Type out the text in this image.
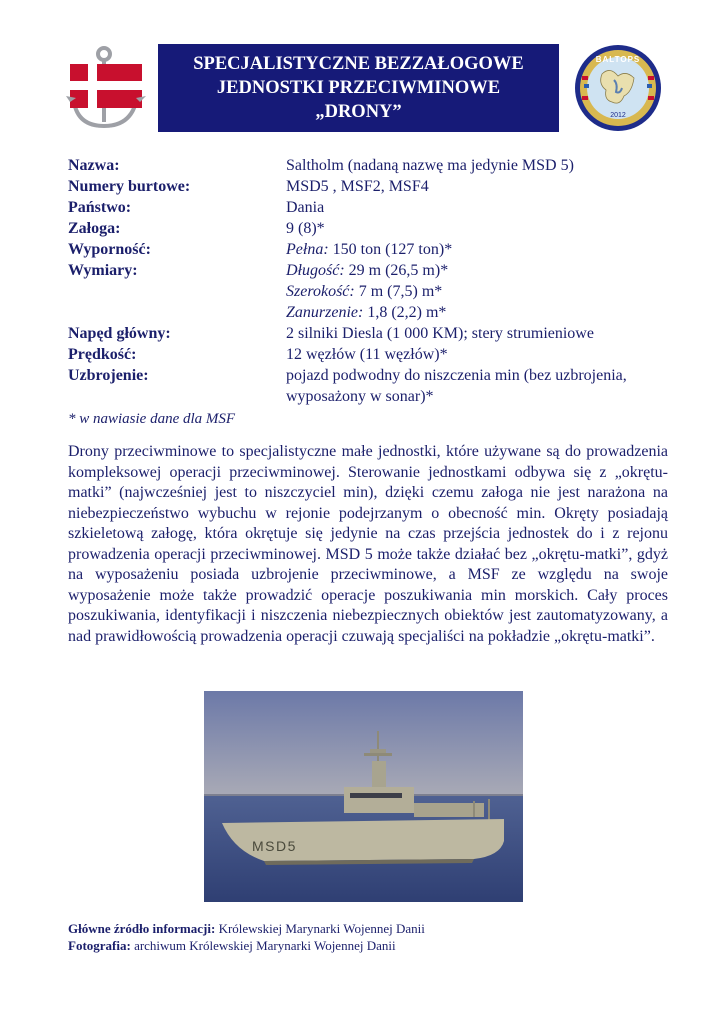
SPECJALISTYCZNE BEZZAŁOGOWE
JEDNOSTKI PRZECIWMINOWE
„DRONY”
BALTOPS
2012
Nazwa:	Saltholm (nadaną nazwę ma jedynie MSD 5)
Numery burtowe:	MSD5 , MSF2, MSF4
Państwo:	Dania
Załoga:	9 (8)*
Wyporność:	Pełna: 150 ton (127 ton)*
Wymiary:	Długość: 29 m (26,5 m)*
Szerokość: 7 m (7,5) m*
Zanurzenie: 1,8 (2,2) m*
Napęd główny:	2 silniki Diesla (1 000 KM); stery strumieniowe
Prędkość:	12 węzłów (11 węzłów)*
Uzbrojenie:	pojazd podwodny do niszczenia min (bez uzbrojenia,
wyposażony w sonar)*
* w nawiasie dane dla MSF
Drony przeciwminowe to specjalistyczne małe jednostki, które używane są do prowadzenia kompleksowej operacji przeciwminowej. Sterowanie jednostkami odbywa się z „okrętu-matki” (najwcześniej jest to niszczyciel min), dzięki czemu załoga nie jest narażona na niebezpieczeństwo wybuchu w rejonie podejrzanym o obecność min. Okręty posiadają szkieletową załogę, która okrętuje się jedynie na czas przejścia jednostek do i z rejonu prowadzenia operacji przeciwminowej. MSD 5 może także działać bez „okrętu-matki”, gdyż na wyposażeniu posiada uzbrojenie przeciwminowe, a MSF ze względu na swoje wyposażenie może także prowadzić operacje poszukiwania min morskich. Cały proces poszukiwania, identyfikacji i niszczenia niebezpiecznych obiektów jest zautomatyzowany, a nad prawidłowością prowadzenia operacji czuwają specjaliści na pokładzie „okrętu-matki”.
MSD5
Główne źródło informacji: Królewskiej Marynarki Wojennej Danii
Fotografia: archiwum Królewskiej Marynarki Wojennej Danii
